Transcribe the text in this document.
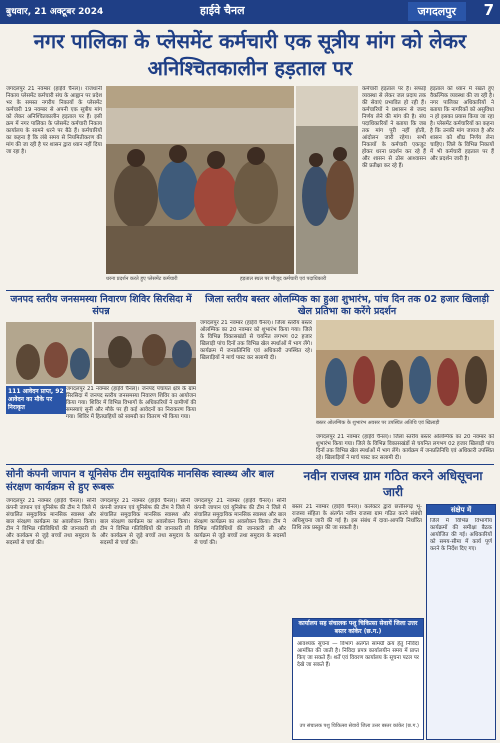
बुधवार, 21 अक्टूबर 2024	हाईवे चैनल	जगदलपुर	7
नगर पालिका के प्लेसमेंट कर्मचारी एक सूत्रीय मांग को लेकर अनिश्चितकालीन हड़ताल पर
जगदलपुर 21 नवम्बर (हाईवे चैनल)। राजधानी निकाय प्लेसमेंट कर्मचारी संघ के आह्वान पर प्रदेश भर के समस्त नगरीय निकायों के प्लेसमेंट कर्मचारी 19 नवम्बर से अपनी एक सूत्रीय मांग को लेकर अनिश्चितकालीन हड़ताल पर हैं। इसी क्रम में नगर पालिका के प्लेसमेंट कर्मचारी निकाय कार्यालय के सामने धरने पर बैठे हैं। कर्मचारियों का कहना है कि लंबे समय से नियमितीकरण की मांग की जा रही है पर शासन द्वारा ध्यान नहीं दिया जा रहा है।
धरना प्रदर्शन करते हुए प्लेसमेंट कर्मचारी	हड़ताल स्थल पर मौजूद कर्मचारी एवं पदाधिकारी
कर्मचारी हड़ताल पर हैं। सफाई व्यवस्था से लेकर जल प्रदाय तक की सेवाएं प्रभावित हो रही हैं। कर्मचारियों ने प्रशासन से जल्द निर्णय लेने की मांग की है। संघ पदाधिकारियों ने बताया कि जब तक मांग पूरी नहीं होती, आंदोलन जारी रहेगा। सभी निकायों के कर्मचारी एकजुट होकर धरना प्रदर्शन कर रहे हैं और शासन से ठोस आश्वासन की प्रतीक्षा कर रहे हैं।
हड़ताल को ध्यान में रखते हुए वैकल्पिक व्यवस्था की जा रही है। नगर पालिका अधिकारियों ने बताया कि नागरिकों को असुविधा न हो इसका प्रयास किया जा रहा है। प्लेसमेंट कर्मचारियों का कहना है कि उनकी मांग जायज है और शासन को शीघ्र निर्णय लेना चाहिए। जिले के विभिन्न निकायों में भी कर्मचारी हड़ताल पर हैं और प्रदर्शन जारी है।
जनपद स्तरीय जनसमस्या निवारण शिविर सिरसिदा में संपन्न
111 आवेदन प्राप्त, 92 आवेदन का मौके पर निराकृत
जगदलपुर 21 नवम्बर (हाईवे चैनल)। जनपद पंचायत क्षेत्र के ग्राम सिरसिदा में जनपद स्तरीय जनसमस्या निवारण शिविर का आयोजन किया गया। शिविर में विभिन्न विभागों के अधिकारियों ने ग्रामीणों की समस्याएं सुनीं और मौके पर ही कई आवेदनों का निराकरण किया गया। शिविर में हितग्राहियों को सामग्री का वितरण भी किया गया।
जिला स्तरीय बस्तर ओलम्पिक का हुआ शुभारंभ, पांच दिन तक 02 हजार खिलाड़ी खेल प्रतिभा का करेंगे प्रदर्शन
जगदलपुर 21 नवम्बर (हाईवे चैनल)। जिला स्तरीय बस्तर ओलम्पिक का 20 नवम्बर को शुभारंभ किया गया। जिले के विभिन्न विकासखंडों से चयनित लगभग 02 हजार खिलाड़ी पांच दिनों तक विभिन्न खेल स्पर्धाओं में भाग लेंगे। कार्यक्रम में जनप्रतिनिधि एवं अधिकारी उपस्थित रहे। खिलाड़ियों ने मार्च पास्ट कर सलामी दी।
बस्तर ओलम्पिक के शुभारंभ अवसर पर उपस्थित अतिथि एवं खिलाड़ी
जगदलपुर 21 नवम्बर (हाईवे चैनल)। जिला स्तरीय बस्तर ओलम्पिक का 20 नवम्बर को शुभारंभ किया गया। जिले के विभिन्न विकासखंडों से चयनित लगभग 02 हजार खिलाड़ी पांच दिनों तक विभिन्न खेल स्पर्धाओं में भाग लेंगे। कार्यक्रम में जनप्रतिनिधि एवं अधिकारी उपस्थित रहे। खिलाड़ियों ने मार्च पास्ट कर सलामी दी।
सोनी कंपनी जापान व यूनिसेफ टीम समुदायिक मानसिक स्वास्थ्य और बाल संरक्षण कार्यक्रम से हुए रूबरू
जगदलपुर 21 नवम्बर (हाईवे चैनल)। सोनी कंपनी जापान एवं यूनिसेफ की टीम ने जिले में संचालित समुदायिक मानसिक स्वास्थ्य और बाल संरक्षण कार्यक्रम का अवलोकन किया। टीम ने विभिन्न गतिविधियों की जानकारी ली और कार्यक्रम से जुड़े बच्चों तथा समुदाय के सदस्यों से चर्चा की।
जगदलपुर 21 नवम्बर (हाईवे चैनल)। सोनी कंपनी जापान एवं यूनिसेफ की टीम ने जिले में संचालित समुदायिक मानसिक स्वास्थ्य और बाल संरक्षण कार्यक्रम का अवलोकन किया। टीम ने विभिन्न गतिविधियों की जानकारी ली और कार्यक्रम से जुड़े बच्चों तथा समुदाय के सदस्यों से चर्चा की।
जगदलपुर 21 नवम्बर (हाईवे चैनल)। सोनी कंपनी जापान एवं यूनिसेफ की टीम ने जिले में संचालित समुदायिक मानसिक स्वास्थ्य और बाल संरक्षण कार्यक्रम का अवलोकन किया। टीम ने विभिन्न गतिविधियों की जानकारी ली और कार्यक्रम से जुड़े बच्चों तथा समुदाय के सदस्यों से चर्चा की।
नवीन राजस्व ग्राम गठित करने अधिसूचना जारी
बस्तर 21 नवम्बर (हाईवे चैनल)। कलेक्टर द्वारा छत्तीसगढ़ भू-राजस्व संहिता के अंतर्गत नवीन राजस्व ग्राम गठित करने संबंधी अधिसूचना जारी की गई है। इस संबंध में दावा-आपत्ति निर्धारित तिथि तक प्रस्तुत की जा सकती है।
संक्षेप में
जिले में विभिन्न विभागीय कार्यक्रमों की समीक्षा बैठक आयोजित की गई। अधिकारियों को समय-सीमा में कार्य पूर्ण करने के निर्देश दिए गए।
कार्यालय सह संचालक पशु चिकित्सा सेवायें जिला उत्तर बस्तर कांकेर (छ.ग.)
आवश्यक सूचना — विभाग अंतर्गत सामग्री क्रय हेतु निविदा आमंत्रित की जाती है। निविदा प्रपत्र कार्यालयीन समय में प्राप्त किए जा सकते हैं। शर्तें एवं विवरण कार्यालय के सूचना पटल पर देखे जा सकते हैं।
उप संचालक पशु चिकित्सा सेवायें जिला उत्तर बस्तर कांकेर (छ.ग.)
